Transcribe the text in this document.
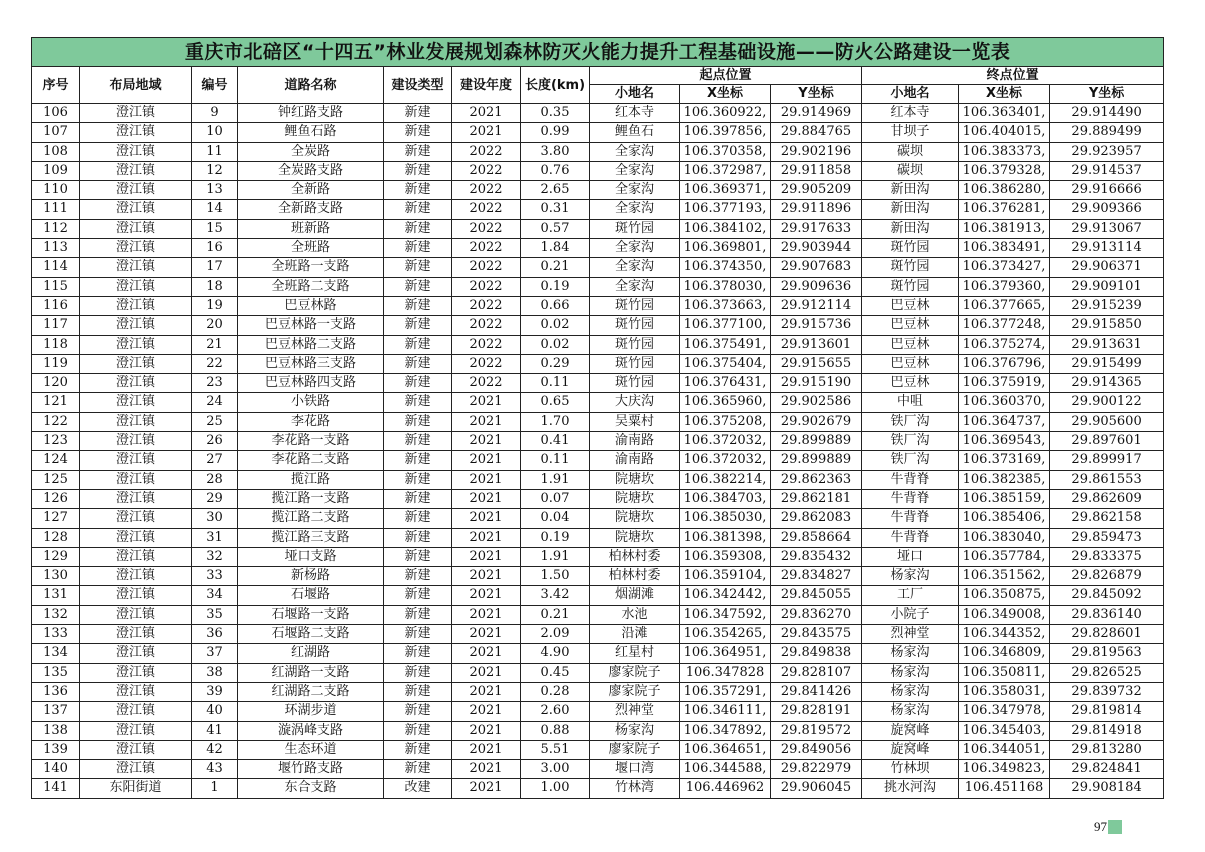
重庆市北碚区“十四五”林业发展规划森林防灭火能力提升工程基础设施——防火公路建设一览表												
序号	布局地域	编号	道路名称	建设类型	建设年度	长度(km)	起点位置			终点位置		
							小地名	X坐标	Y坐标	小地名	X坐标	Y坐标
106	澄江镇	9	钟红路支路	新建	2021	0.35	红本寺	106.360922,	29.914969	红本寺	106.363401,	29.914490
107	澄江镇	10	鲤鱼石路	新建	2021	0.99	鲤鱼石	106.397856,	29.884765	甘坝子	106.404015,	29.889499
108	澄江镇	11	全炭路	新建	2022	3.80	全家沟	106.370358,	29.902196	碳坝	106.383373,	29.923957
109	澄江镇	12	全炭路支路	新建	2022	0.76	全家沟	106.372987,	29.911858	碳坝	106.379328,	29.914537
110	澄江镇	13	全新路	新建	2022	2.65	全家沟	106.369371,	29.905209	新田沟	106.386280,	29.916666
111	澄江镇	14	全新路支路	新建	2022	0.31	全家沟	106.377193,	29.911896	新田沟	106.376281,	29.909366
112	澄江镇	15	班新路	新建	2022	0.57	斑竹园	106.384102,	29.917633	新田沟	106.381913,	29.913067
113	澄江镇	16	全班路	新建	2022	1.84	全家沟	106.369801,	29.903944	斑竹园	106.383491,	29.913114
114	澄江镇	17	全班路一支路	新建	2022	0.21	全家沟	106.374350,	29.907683	斑竹园	106.373427,	29.906371
115	澄江镇	18	全班路二支路	新建	2022	0.19	全家沟	106.378030,	29.909636	斑竹园	106.379360,	29.909101
116	澄江镇	19	巴豆林路	新建	2022	0.66	斑竹园	106.373663,	29.912114	巴豆林	106.377665,	29.915239
117	澄江镇	20	巴豆林路一支路	新建	2022	0.02	斑竹园	106.377100,	29.915736	巴豆林	106.377248,	29.915850
118	澄江镇	21	巴豆林路二支路	新建	2022	0.02	斑竹园	106.375491,	29.913601	巴豆林	106.375274,	29.913631
119	澄江镇	22	巴豆林路三支路	新建	2022	0.29	斑竹园	106.375404,	29.915655	巴豆林	106.376796,	29.915499
120	澄江镇	23	巴豆林路四支路	新建	2022	0.11	斑竹园	106.376431,	29.915190	巴豆林	106.375919,	29.914365
121	澄江镇	24	小铁路	新建	2021	0.65	大庆沟	106.365960,	29.902586	中咀	106.360370,	29.900122
122	澄江镇	25	李花路	新建	2021	1.70	吴粟村	106.375208,	29.902679	铁厂沟	106.364737,	29.905600
123	澄江镇	26	李花路一支路	新建	2021	0.41	渝南路	106.372032,	29.899889	铁厂沟	106.369543,	29.897601
124	澄江镇	27	李花路二支路	新建	2021	0.11	渝南路	106.372032,	29.899889	铁厂沟	106.373169,	29.899917
125	澄江镇	28	揽江路	新建	2021	1.91	院塘坎	106.382214,	29.862363	牛背脊	106.382385,	29.861553
126	澄江镇	29	揽江路一支路	新建	2021	0.07	院塘坎	106.384703,	29.862181	牛背脊	106.385159,	29.862609
127	澄江镇	30	揽江路二支路	新建	2021	0.04	院塘坎	106.385030,	29.862083	牛背脊	106.385406,	29.862158
128	澄江镇	31	揽江路三支路	新建	2021	0.19	院塘坎	106.381398,	29.858664	牛背脊	106.383040,	29.859473
129	澄江镇	32	垭口支路	新建	2021	1.91	柏林村委	106.359308,	29.835432	垭口	106.357784,	29.833375
130	澄江镇	33	新杨路	新建	2021	1.50	柏林村委	106.359104,	29.834827	杨家沟	106.351562,	29.826879
131	澄江镇	34	石堰路	新建	2021	3.42	烟湖滩	106.342442,	29.845055	工厂	106.350875,	29.845092
132	澄江镇	35	石堰路一支路	新建	2021	0.21	水池	106.347592,	29.836270	小院子	106.349008,	29.836140
133	澄江镇	36	石堰路二支路	新建	2021	2.09	沿滩	106.354265,	29.843575	烈神堂	106.344352,	29.828601
134	澄江镇	37	红湖路	新建	2021	4.90	红星村	106.364951,	29.849838	杨家沟	106.346809,	29.819563
135	澄江镇	38	红湖路一支路	新建	2021	0.45	廖家院子	106.347828	29.828107	杨家沟	106.350811,	29.826525
136	澄江镇	39	红湖路二支路	新建	2021	0.28	廖家院子	106.357291,	29.841426	杨家沟	106.358031,	29.839732
137	澄江镇	40	环湖步道	新建	2021	2.60	烈神堂	106.346111,	29.828191	杨家沟	106.347978,	29.819814
138	澄江镇	41	漩涡峰支路	新建	2021	0.88	杨家沟	106.347892,	29.819572	旋窝峰	106.345403,	29.814918
139	澄江镇	42	生态环道	新建	2021	5.51	廖家院子	106.364651,	29.849056	旋窝峰	106.344051,	29.813280
140	澄江镇	43	堰竹路支路	新建	2021	3.00	堰口湾	106.344588,	29.822979	竹林坝	106.349823,	29.824841
141	东阳街道	1	东合支路	改建	2021	1.00	竹林湾	106.446962	29.906045	挑水河沟	106.451168	29.908184
97
